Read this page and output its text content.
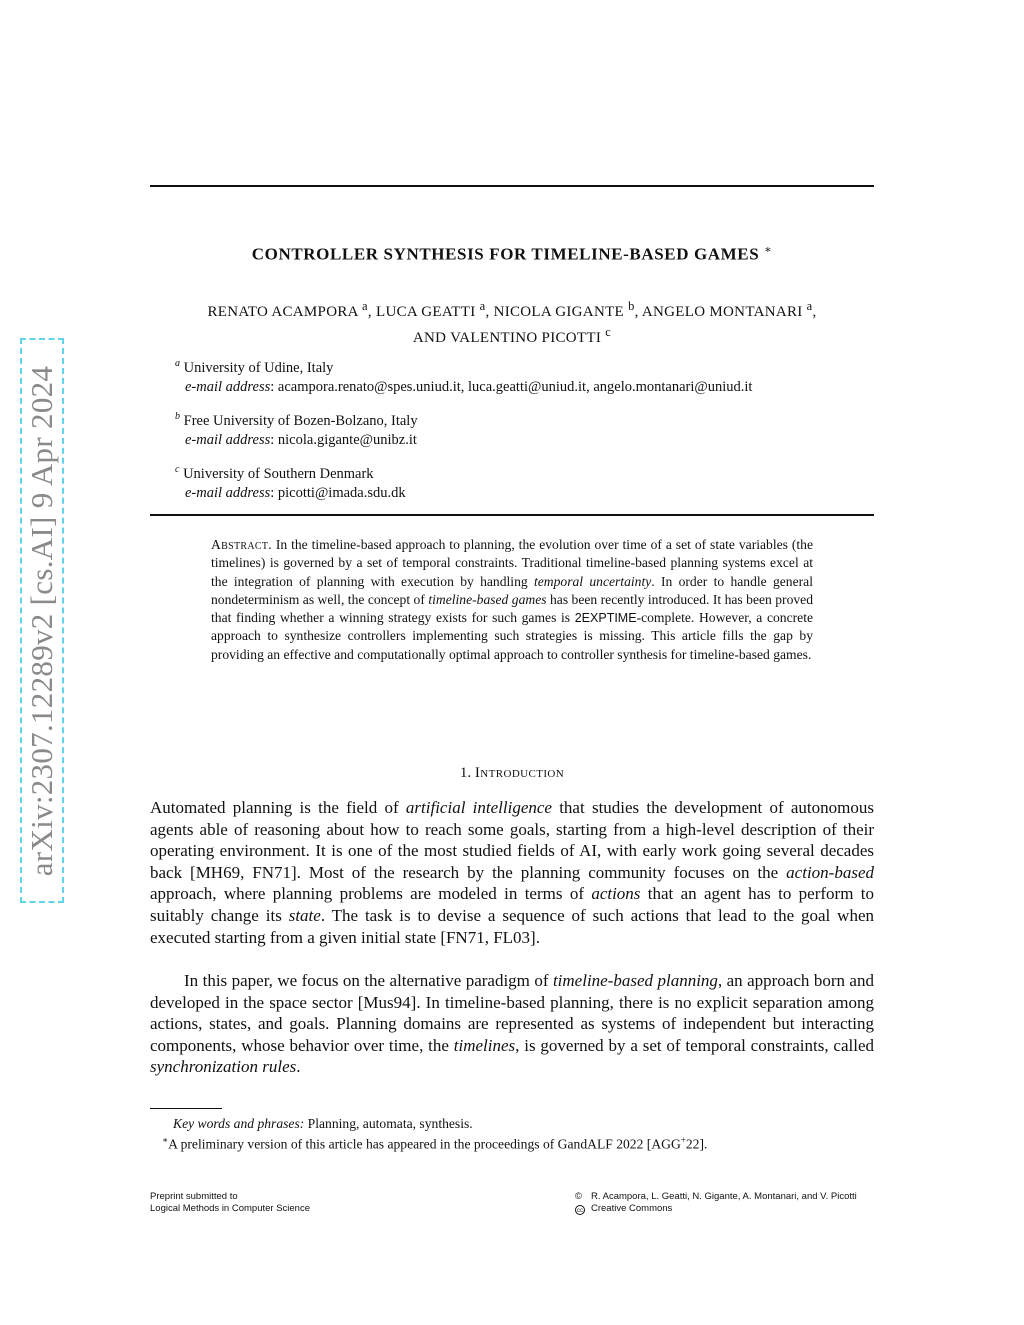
arXiv:2307.12289v2 [cs.AI] 9 Apr 2024
CONTROLLER SYNTHESIS FOR TIMELINE-BASED GAMES ∗
RENATO ACAMPORA $^a$, LUCA GEATTI $^a$, NICOLA GIGANTE $^b$, ANGELO MONTANARI $^a$,
AND VALENTINO PICOTTI $^c$
$^a$ University of Udine, Italy
e-mail address: acampora.renato@spes.uniud.it, luca.geatti@uniud.it, angelo.montanari@uniud.it
$^b$ Free University of Bozen-Bolzano, Italy
e-mail address: nicola.gigante@unibz.it
$^c$ University of Southern Denmark
e-mail address: picotti@imada.sdu.dk
Abstract. In the timeline-based approach to planning, the evolution over time of a set of state variables (the timelines) is governed by a set of temporal constraints. Traditional timeline-based planning systems excel at the integration of planning with execution by handling temporal uncertainty. In order to handle general nondeterminism as well, the concept of timeline-based games has been recently introduced. It has been proved that finding whether a winning strategy exists for such games is 2EXPTIME-complete. However, a concrete approach to synthesize controllers implementing such strategies is missing. This article fills the gap by providing an effective and computationally optimal approach to controller synthesis for timeline-based games.
1. Introduction
Automated planning is the field of artificial intelligence that studies the development of autonomous agents able of reasoning about how to reach some goals, starting from a high-level description of their operating environment. It is one of the most studied fields of AI, with early work going several decades back [MH69, FN71]. Most of the research by the planning community focuses on the action-based approach, where planning problems are modeled in terms of actions that an agent has to perform to suitably change its state. The task is to devise a sequence of such actions that lead to the goal when executed starting from a given initial state [FN71, FL03].
In this paper, we focus on the alternative paradigm of timeline-based planning, an approach born and developed in the space sector [Mus94]. In timeline-based planning, there is no explicit separation among actions, states, and goals. Planning domains are represented as systems of independent but interacting components, whose behavior over time, the timelines, is governed by a set of temporal constraints, called synchronization rules.
Key words and phrases: Planning, automata, synthesis.
∗A preliminary version of this article has appeared in the proceedings of GandALF 2022 [AGG+22].
Preprint submitted to
Logical Methods in Computer Science
© R. Acampora, L. Geatti, N. Gigante, A. Montanari, and V. Picotti
cc Creative Commons
